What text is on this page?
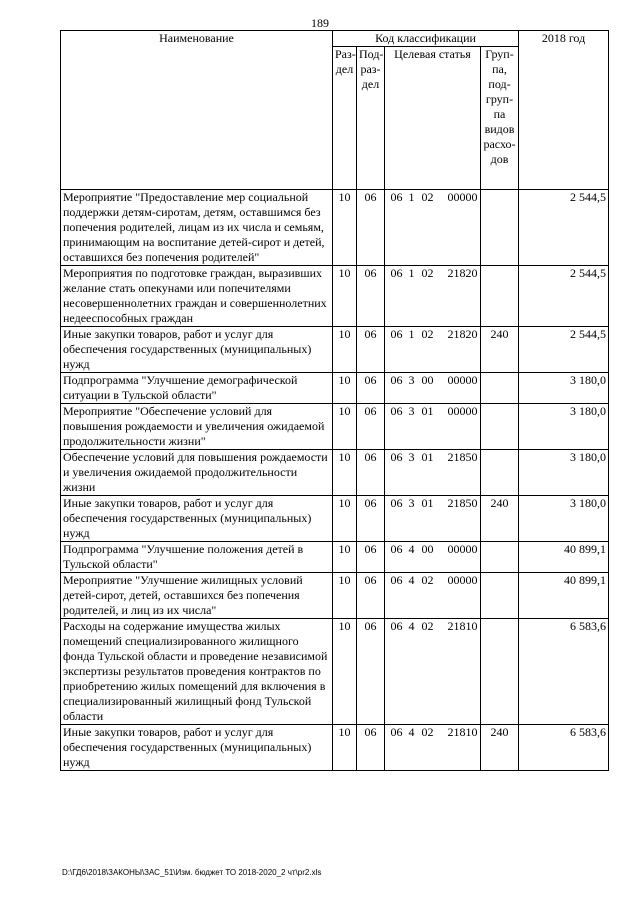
189
Наименование	Код классификации				2018 год
	Раз-дел	Под-раз-дел	Целевая статья	Груп-па, под-груп-па видов расхо-дов	
Мероприятие "Предоставление мер социальной поддержки детям-сиротам, детям, оставшимся без попечения родителей, лицам из их числа и семьям, принимающим на воспитание детей-сирот и детей, оставшихся без попечения родителей"	10	06	06 1 02 00000		2 544,5
Мероприятия по подготовке граждан, выразивших желание стать опекунами или попечителями несовершеннолетних граждан и совершеннолетних недееспособных граждан	10	06	06 1 02 21820		2 544,5
Иные закупки товаров, работ и услуг для обеспечения государственных (муниципальных) нужд	10	06	06 1 02 21820	240	2 544,5
Подпрограмма "Улучшение демографической ситуации в Тульской области"	10	06	06 3 00 00000		3 180,0
Мероприятие "Обеспечение условий для повышения рождаемости и увеличения ожидаемой продолжительности жизни"	10	06	06 3 01 00000		3 180,0
Обеспечение условий для повышения рождаемости и увеличения ожидаемой продолжительности жизни	10	06	06 3 01 21850		3 180,0
Иные закупки товаров, работ и услуг для обеспечения государственных (муниципальных) нужд	10	06	06 3 01 21850	240	3 180,0
Подпрограмма "Улучшение положения детей в Тульской области"	10	06	06 4 00 00000		40 899,1
Мероприятие "Улучшение жилищных условий детей-сирот, детей, оставшихся без попечения родителей, и лиц из их числа"	10	06	06 4 02 00000		40 899,1
Расходы на содержание имущества жилых помещений специализированного жилищного фонда Тульской области и проведение независимой экспертизы результатов проведения контрактов по приобретению жилых помещений для включения в специализированный жилищный фонд Тульской области	10	06	06 4 02 21810		6 583,6
Иные закупки товаров, работ и услуг для обеспечения государственных (муниципальных) нужд	10	06	06 4 02 21810	240	6 583,6
D:\ГД6\2018\ЗАКОНЫ\ЗАС_51\Изм. бюджет ТО 2018-2020_2 чт\pr2.xls
